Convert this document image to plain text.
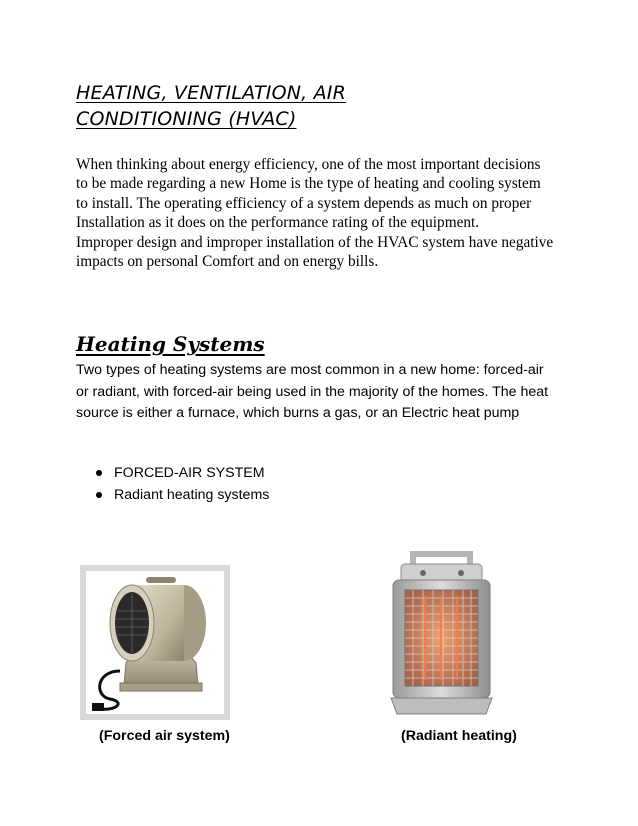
HEATING, VENTILATION, AIR
CONDITIONING (HVAC)

When thinking about energy efficiency, one of the most important decisions to be made regarding a new Home is the type of heating and cooling system to install. The operating efficiency of a system depends as much on proper Installation as it does on the performance rating of the equipment.

Improper design and improper installation of the HVAC system have negative impacts on personal Comfort and on energy bills.

Heating Systems

Two types of heating systems are most common in a new home: forced-air or radiant, with forced-air being used in the majority of the homes. The heat source is either a furnace, which burns a gas, or an Electric heat pump

FORCED-AIR SYSTEM
Radiant heating systems
(Forced air system)	(Radiant heating)
